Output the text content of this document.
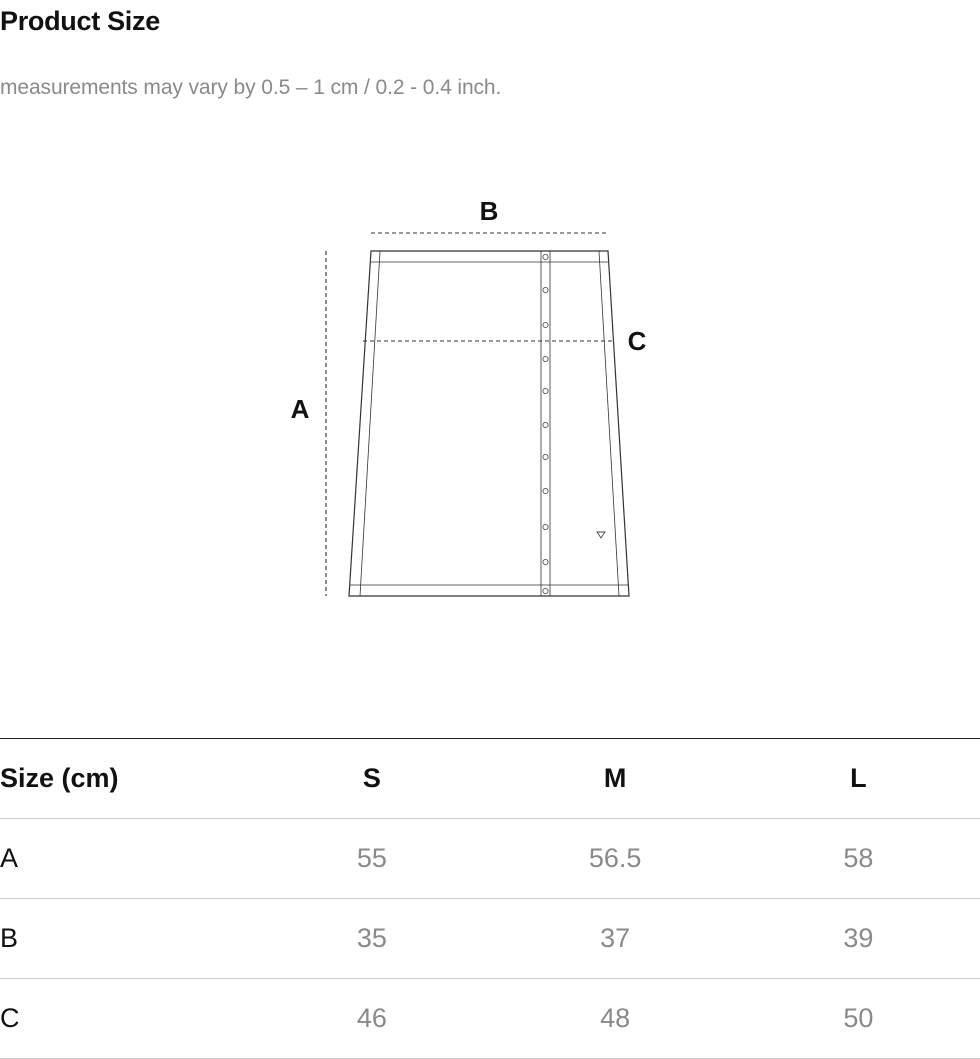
Product Size
measurements may vary by 0.5 – 1 cm / 0.2 - 0.4 inch.
B
C
A
Size (cm)	S	M	L
A	55	56.5	58
B	35	37	39
C	46	48	50
